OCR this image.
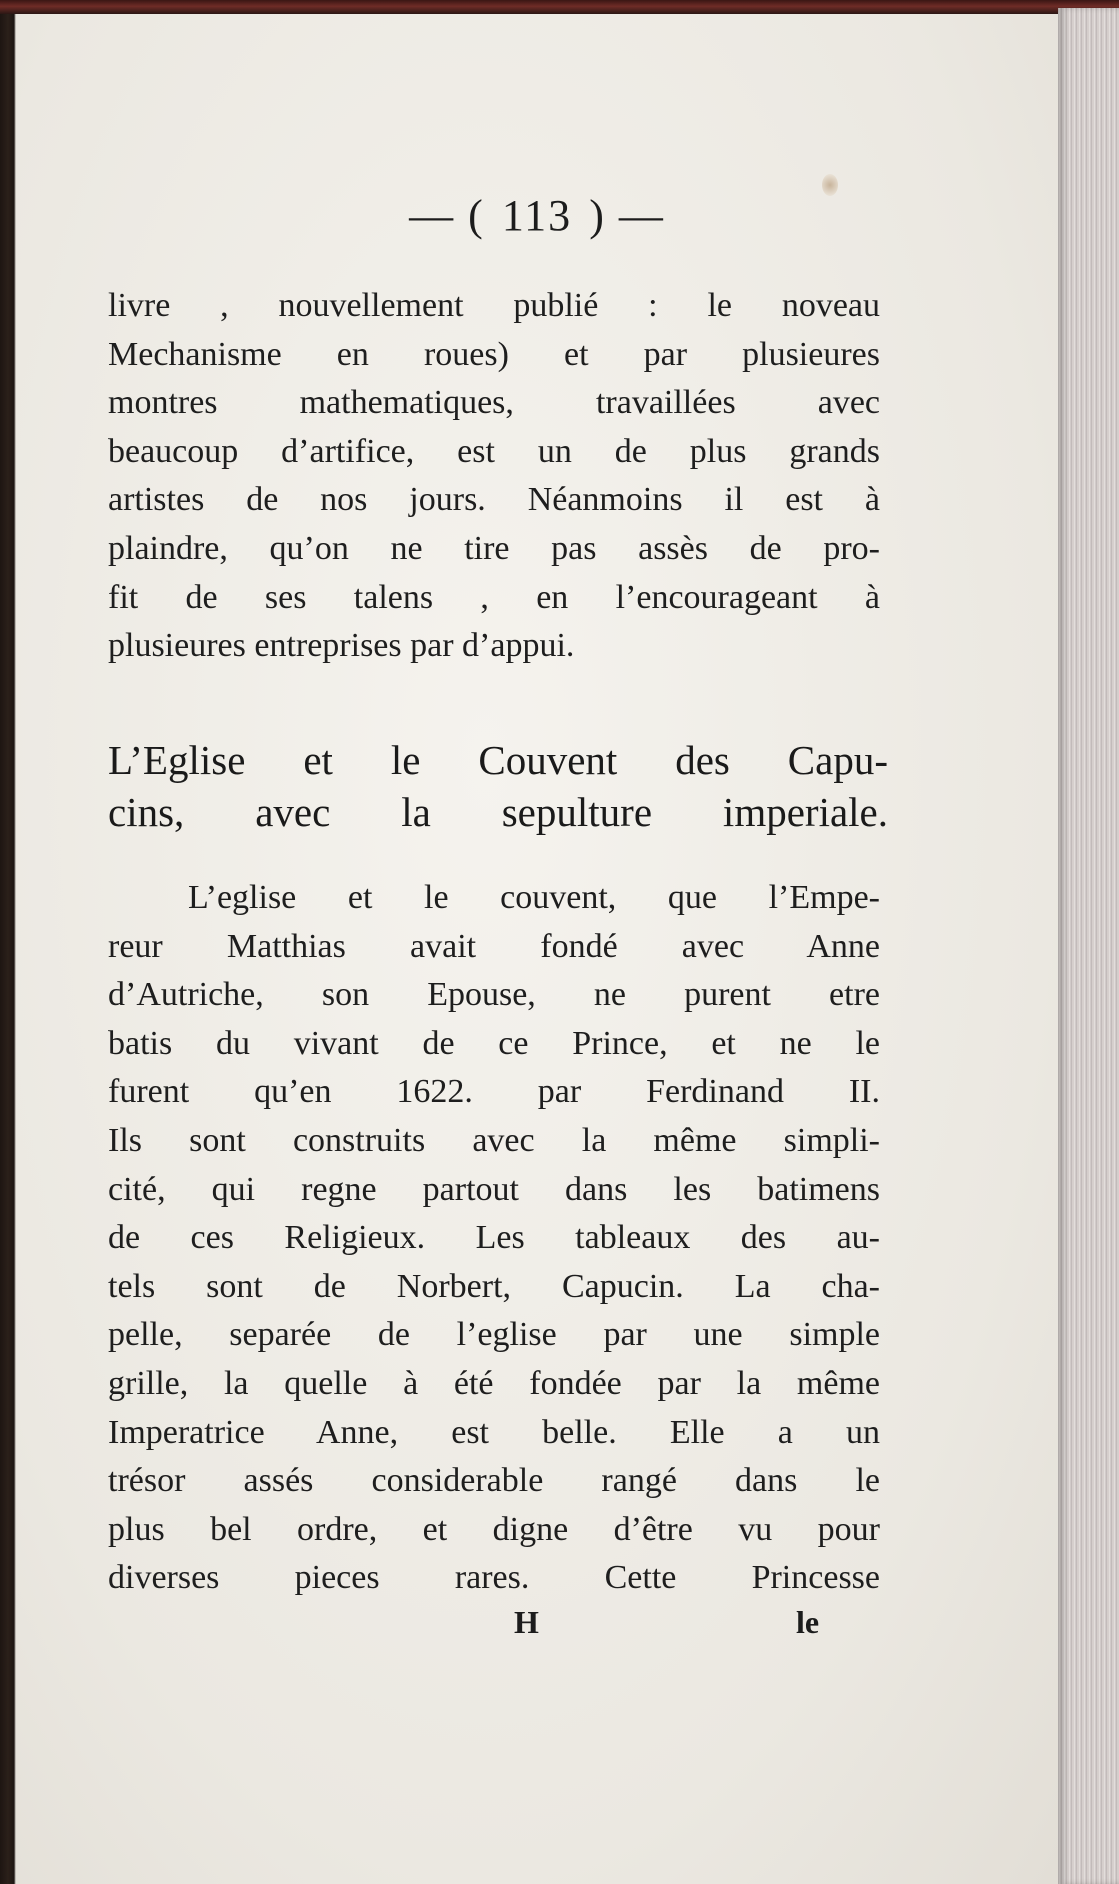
— ( 113 ) —
livre , nouvellement publié : le noveau
Mechanisme en roues) et par plusieures
montres mathematiques, travaillées avec
beaucoup d’artifice, est un de plus grands
artistes de nos jours. Néanmoins il est à
plaindre, qu’on ne tire pas assès de pro-
fit de ses talens , en l’encourageant à
plusieures entreprises par d’appui.
L’Eglise et le Couvent des Capu-
cins, avec la sepulture imperiale.
L’eglise et le couvent, que l’Empe-
reur Matthias avait fondé avec Anne
d’Autriche, son Epouse, ne purent etre
batis du vivant de ce Prince, et ne le
furent qu’en 1622. par Ferdinand II.
Ils sont construits avec la même simpli-
cité, qui regne partout dans les batimens
de ces Religieux. Les tableaux des au-
tels sont de Norbert, Capucin. La cha-
pelle, separée de l’eglise par une simple
grille, la quelle à été fondée par la même
Imperatrice Anne, est belle. Elle a un
trésor assés considerable rangé dans le
plus bel ordre, et digne d’être vu pour
diverses pieces rares. Cette Princesse
H	le
